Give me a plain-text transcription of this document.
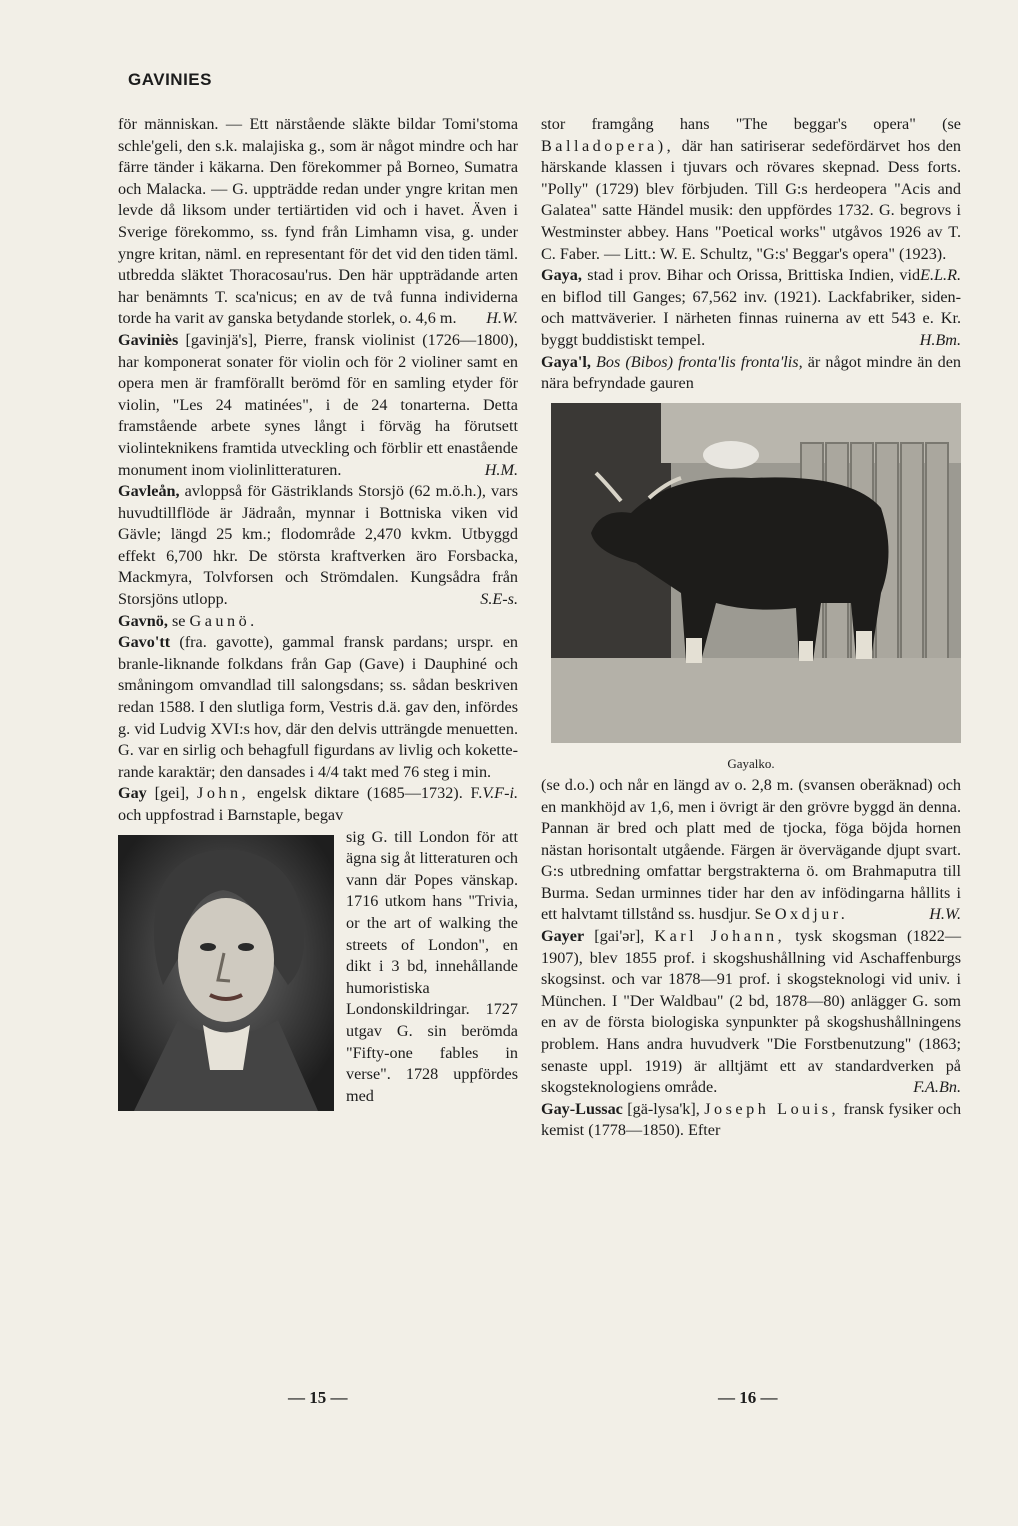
GAVINIES

för människan. — Ett närstående släkte bildar Tomi'stoma schle'geli, den s.k. malajiska g., som är något mindre och har färre tänder i käkarna. Den förekommer på Borneo, Sumatra och Malacka. — G. uppträdde redan under yngre kritan men levde då liksom under tertiärtiden vid och i havet. Även i Sverige förekommo, ss. fynd från Limhamn visa, g. under yngre kritan, näml. en representant för det vid den tiden täml. utbredda släktet Thoracosau'rus. Den här uppträdande arten har benämnts T. sca'nicus; en av de två funna individerna torde ha varit av ganska betydande storlek, o. 4,6 m. H.W.

Gaviniès [gavinjä's], Pierre, fransk violinist (1726—1800), har komponerat sonater för violin och för 2 violiner samt en opera men är framförallt berömd för en samling etyder för violin, "Les 24 matinées", i de 24 tonarterna. Detta framstående arbete synes långt i förväg ha förutsett violinteknikens framtida utveckling och förblir ett enastående monument inom violinlitteraturen.	H.M.

Gavleån, avloppså för Gästriklands Storsjö (62 m.ö.h.), vars huvudtillflöde är Jädraån, mynnar i Bottniska viken vid Gävle; längd 25 km.; flodområde 2,470 kvkm. Utbyggd effekt 6,700 hkr. De största kraftverken äro Forsbacka, Mackmyra, Tolvforsen och Strömdalen. Kungsådra från Storsjöns utlopp.	S.E-s.

Gavnö, se Gaunö.

Gavo'tt (fra. gavotte), gammal fransk pardans; urspr. en branle-liknande folkdans från Gap (Gave) i Dauphiné och småningom omvandlad till salongsdans; ss. sådan beskriven redan 1588. I den slutliga form, Vestris d.ä. gav den, infördes g. vid Ludvig XVI:s hov, där den delvis utträngde menuetten. G. var en sirlig och behagfull figurdans av livlig och kokette-rande karaktär; den dansades i 4/4 takt med 76 steg i min.
V.F-i.

Gay [gei], John, engelsk diktare (1685—1732). F. och uppfostrad i Barnstaple, begav

sig G. till London för att ägna sig åt litteraturen och vann där Popes vänskap. 1716 utkom hans "Trivia, or the art of walking the streets of London", en dikt i 3 bd, innehållande humoristiska Londonskildringar. 1727 utgav G. sin berömda "Fifty-one fables in verse". 1728 uppfördes med

stor framgång hans "The beggar's opera" (se Balladopera), där han satiriserar sedefördärvet hos den härskande klassen i tjuvars och rövares skepnad. Dess forts. "Polly" (1729) blev förbjuden. Till G:s herdeopera "Acis and Galatea" satte Händel musik: den uppfördes 1732. G. begrovs i Westminster abbey. Hans "Poetical works" utgåvos 1926 av T. C. Faber. — Litt.: W. E. Schultz, "G:s' Beggar's opera" (1923).
E.L.R.

Gaya, stad i prov. Bihar och Orissa, Brittiska Indien, vid en biflod till Ganges; 67,562 inv. (1921). Lackfabriker, siden- och mattväverier. I närheten finnas ruinerna av ett 543 e. Kr. byggt buddistiskt tempel.	H.Bm.

Gaya'l, Bos (Bibos) fronta'lis fronta'lis, är något mindre än den nära befryndade gauren

Gayalko.

(se d.o.) och når en längd av o. 2,8 m. (svansen oberäknad) och en mankhöjd av 1,6, men i övrigt är den grövre byggd än denna. Pannan är bred och platt med de tjocka, föga böjda hornen nästan horisontalt utgående. Färgen är övervägande djupt svart. G:s utbredning omfattar bergstrakterna ö. om Brahmaputra till Burma. Sedan urminnes tider har den av infödingarna hållits i ett halvtamt tillstånd ss. husdjur. Se Oxdjur.	H.W.

Gayer [gai'ər], Karl Johann, tysk skogsman (1822—1907), blev 1855 prof. i skogshushållning vid Aschaffenburgs skogsinst. och var 1878—91 prof. i skogsteknologi vid univ. i München. I "Der Waldbau" (2 bd, 1878—80) anlägger G. som en av de första biologiska synpunkter på skogshushållningens problem. Hans andra huvudverk "Die Forstbenutzung" (1863; senaste uppl. 1919) är alltjämt ett av standardverken på skogsteknologiens område.	F.A.Bn.

Gay-Lussac [gä-lysa'k], Joseph Louis, fransk fysiker och kemist (1778—1850). Efter

— 15 —	— 16 —
